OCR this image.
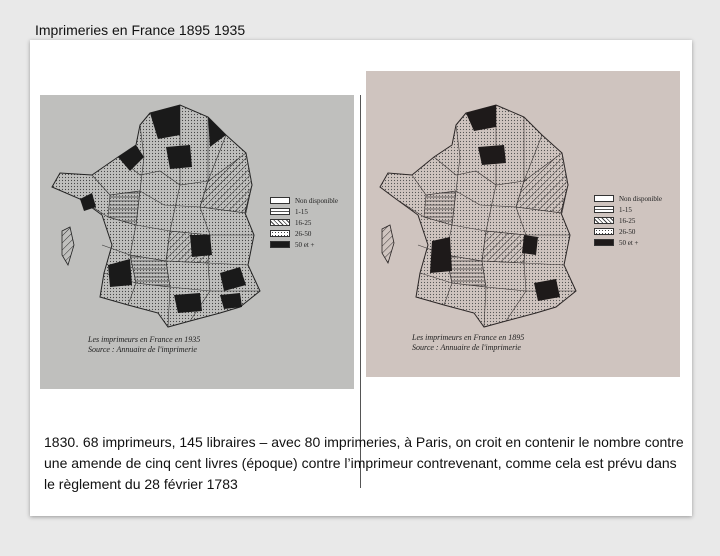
Imprimeries en France 1895 1935
Non disponible
1-15
16-25
26-50
50 et +
Les imprimeurs en France en 1935
Source : Annuaire de l'imprimerie
Non disponible
1-15
16-25
26-50
50 et +
Les imprimeurs en France en 1895
Source : Annuaire de l'imprimerie
1830. 68 imprimeurs, 145 libraires – avec 80 imprimeries, à Paris, on croit en contenir le nombre contre une amende de cinq cent livres (époque) contre l’imprimeur contrevenant, comme cela est prévu dans le règlement du 28 février 1783
